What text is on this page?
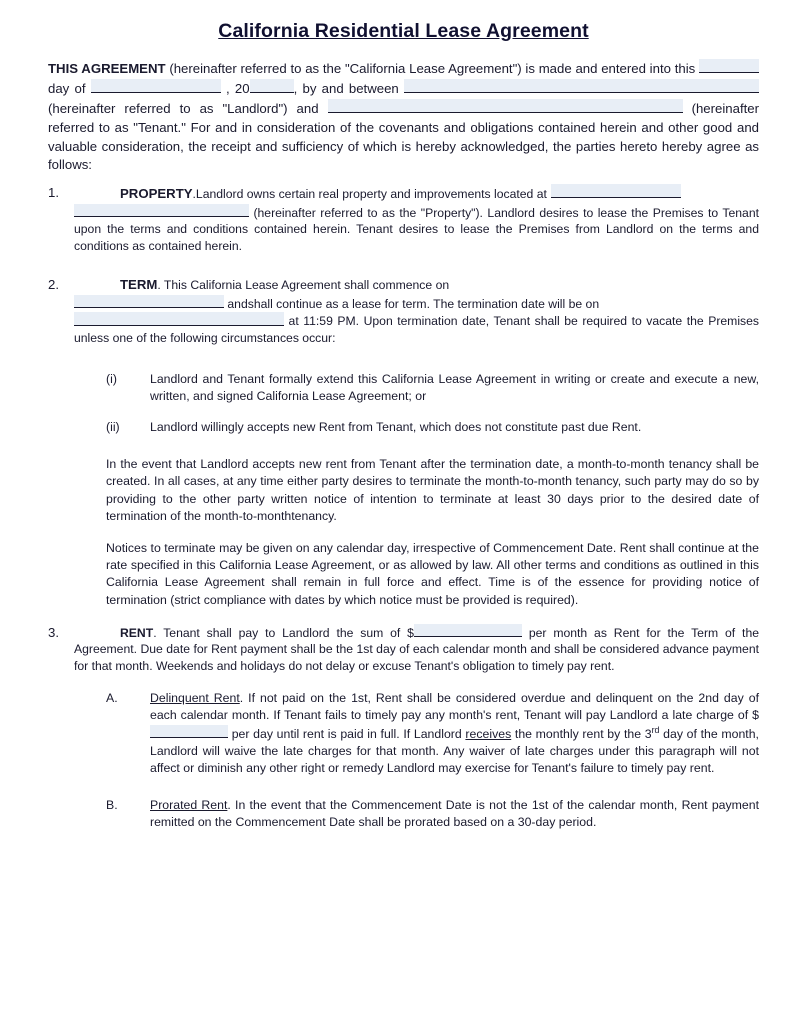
California Residential Lease Agreement
THIS AGREEMENT (hereinafter referred to as the "California Lease Agreement") is made and entered into this  day of	, 20	, by and between  (hereinafter referred to as "Landlord") and	(hereinafter referred to as "Tenant." For and in consideration of the covenants and obligations contained herein and other good and valuable consideration, the receipt and sufficiency of which is hereby acknowledged, the parties hereto hereby agree as follows:
1.	PROPERTY.Landlord owns certain real property and improvements located at
(hereinafter referred to as the "Property"). Landlord desires to lease the Premises to Tenant upon the terms and conditions contained herein. Tenant desires to lease the Premises from Landlord on the terms and conditions as contained herein.
2.	TERM. This California Lease Agreement shall commence on
andshall continue as a lease for term. The termination date will be on
at 11:59 PM. Upon termination date, Tenant shall be required to vacate the Premises unless one of the following circumstances occur:
(i)	Landlord and Tenant formally extend this California Lease Agreement in writing or create and execute a new, written, and signed California Lease Agreement; or
(ii)	Landlord willingly accepts new Rent from Tenant, which does not constitute past due Rent.
In the event that Landlord accepts new rent from Tenant after the termination date, a month-to-month tenancy shall be created. In all cases, at any time either party desires to terminate the month-to-month tenancy, such party may do so by providing to the other party written notice of intention to terminate at least 30 days prior to the desired date of termination of the month-to-monthtenancy.
Notices to terminate may be given on any calendar day, irrespective of Commencement Date. Rent shall continue at the rate specified in this California Lease Agreement, or as allowed by law. All other terms and conditions as outlined in this California Lease Agreement shall remain in full force and effect. Time is of the essence for providing notice of termination (strict compliance with dates by which notice must be provided is required).
3.	RENT. Tenant shall pay to Landlord the sum of $	per month as Rent for the Term of the Agreement. Due date for Rent payment shall be the 1st day of each calendar month and shall be considered advance payment for that month. Weekends and holidays do not delay or excuse Tenant's obligation to timely pay rent.
A.	Delinquent Rent. If not paid on the 1st, Rent shall be considered overdue and delinquent on the 2nd day of each calendar month. If Tenant fails to timely pay any month's rent, Tenant will pay Landlord a late charge of $ per day until rent is paid in full. If Landlord receives the monthly rent by the 3rd day of the month, Landlord will waive the late charges for that month. Any waiver of late charges under this paragraph will not affect or diminish any other right or remedy Landlord may exercise for Tenant's failure to timely pay rent.
B.	Prorated Rent. In the event that the Commencement Date is not the 1st of the calendar month, Rent payment remitted on the Commencement Date shall be prorated based on a 30-day period.
